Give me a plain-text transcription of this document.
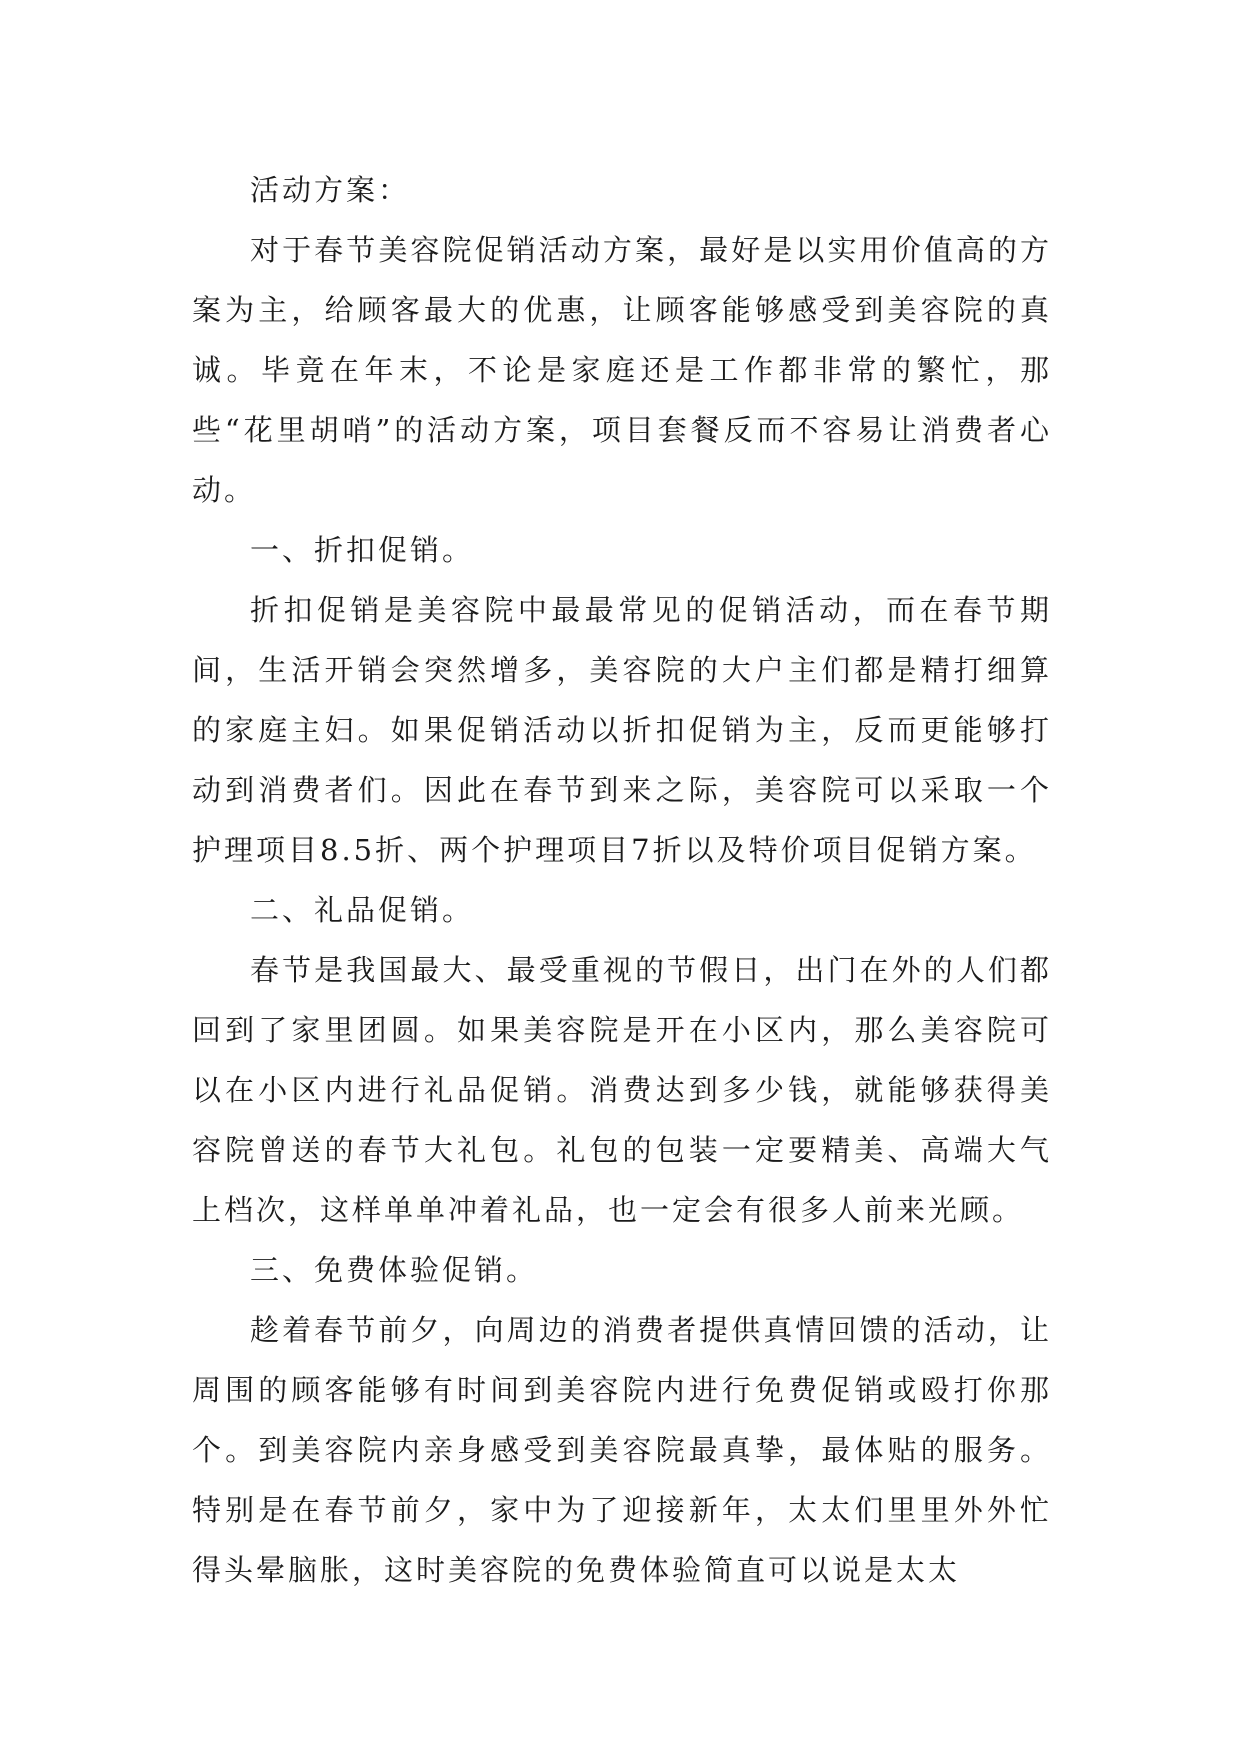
活动方案：

对于春节美容院促销活动方案，最好是以实用价值高的方案为主，给顾客最大的优惠，让顾客能够感受到美容院的真诚。毕竟在年末，不论是家庭还是工作都非常的繁忙，那些“花里胡哨”的活动方案，项目套餐反而不容易让消费者心动。

一、折扣促销。

折扣促销是美容院中最最常见的促销活动，而在春节期间，生活开销会突然增多，美容院的大户主们都是精打细算的家庭主妇。如果促销活动以折扣促销为主，反而更能够打动到消费者们。因此在春节到来之际，美容院可以采取一个护理项目8.5折、两个护理项目7折以及特价项目促销方案。

二、礼品促销。

春节是我国最大、最受重视的节假日，出门在外的人们都回到了家里团圆。如果美容院是开在小区内，那么美容院可以在小区内进行礼品促销。消费达到多少钱，就能够获得美容院曾送的春节大礼包。礼包的包装一定要精美、高端大气上档次，这样单单冲着礼品，也一定会有很多人前来光顾。

三、免费体验促销。

趁着春节前夕，向周边的消费者提供真情回馈的活动，让周围的顾客能够有时间到美容院内进行免费促销或殴打你那个。到美容院内亲身感受到美容院最真挚，最体贴的服务。特别是在春节前夕，家中为了迎接新年，太太们里里外外忙得头晕脑胀，这时美容院的免费体验简直可以说是太太
